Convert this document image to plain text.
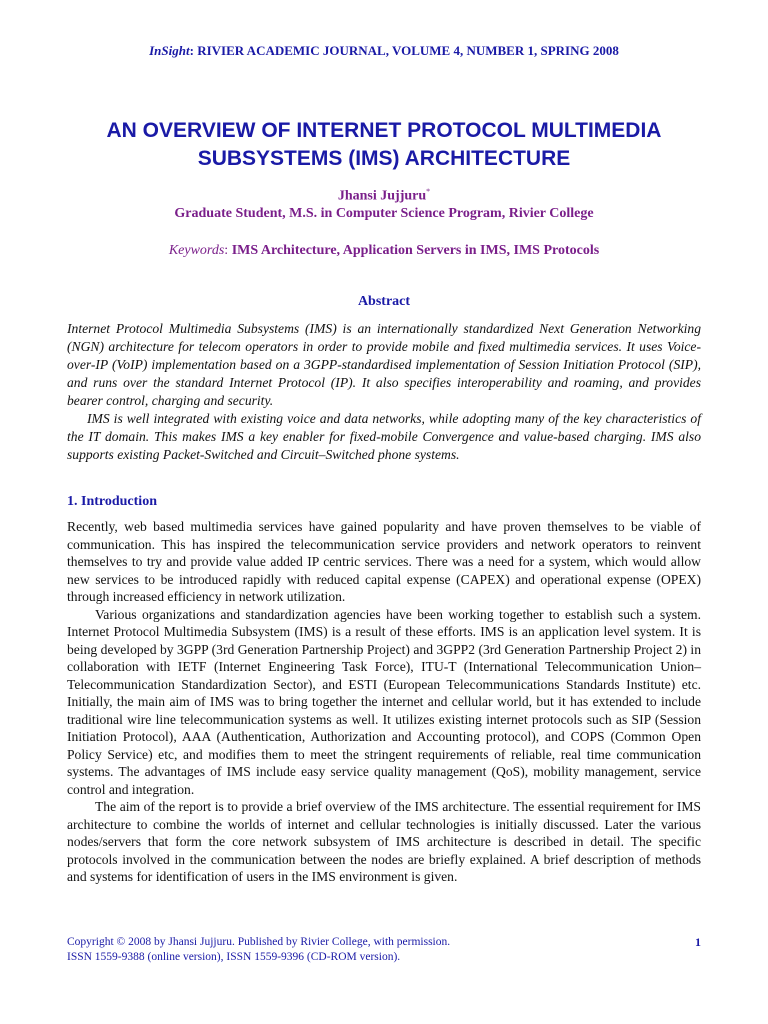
InSight: RIVIER ACADEMIC JOURNAL, VOLUME 4, NUMBER 1, SPRING 2008
AN OVERVIEW OF INTERNET PROTOCOL MULTIMEDIA
SUBSYSTEMS (IMS) ARCHITECTURE
Jhansi Jujjuru*
Graduate Student, M.S. in Computer Science Program, Rivier College
Keywords: IMS Architecture, Application Servers in IMS, IMS Protocols
Abstract

Internet Protocol Multimedia Subsystems (IMS) is an internationally standardized Next Generation Networking (NGN) architecture for telecom operators in order to provide mobile and fixed multimedia services. It uses Voice-over-IP (VoIP) implementation based on a 3GPP-standardised implementation of Session Initiation Protocol (SIP), and runs over the standard Internet Protocol (IP). It also specifies interoperability and roaming, and provides bearer control, charging and security.

IMS is well integrated with existing voice and data networks, while adopting many of the key characteristics of the IT domain. This makes IMS a key enabler for fixed-mobile Convergence and value-based charging. IMS also supports existing Packet-Switched and Circuit–Switched phone systems.

1. Introduction

Recently, web based multimedia services have gained popularity and have proven themselves to be viable of communication. This has inspired the telecommunication service providers and network operators to reinvent themselves to try and provide value added IP centric services. There was a need for a system, which would allow new services to be introduced rapidly with reduced capital expense (CAPEX) and operational expense (OPEX) through increased efficiency in network utilization.

Various organizations and standardization agencies have been working together to establish such a system. Internet Protocol Multimedia Subsystem (IMS) is a result of these efforts. IMS is an application level system. It is being developed by 3GPP (3rd Generation Partnership Project) and 3GPP2 (3rd Generation Partnership Project 2) in collaboration with IETF (Internet Engineering Task Force), ITU-T (International Telecommunication Union–Telecommunication Standardization Sector), and ESTI (European Telecommunications Standards Institute) etc. Initially, the main aim of IMS was to bring together the internet and cellular world, but it has extended to include traditional wire line telecommunication systems as well. It utilizes existing internet protocols such as SIP (Session Initiation Protocol), AAA (Authentication, Authorization and Accounting protocol), and COPS (Common Open Policy Service) etc, and modifies them to meet the stringent requirements of reliable, real time communication systems. The advantages of IMS include easy service quality management (QoS), mobility management, service control and integration.

The aim of the report is to provide a brief overview of the IMS architecture. The essential requirement for IMS architecture to combine the worlds of internet and cellular technologies is initially discussed. Later the various nodes/servers that form the core network subsystem of IMS architecture is described in detail. The specific protocols involved in the communication between the nodes are briefly explained. A brief description of methods and systems for identification of users in the IMS environment is given.

Copyright © 2008 by Jhansi Jujjuru. Published by Rivier College, with permission.
ISSN 1559-9388 (online version), ISSN 1559-9396 (CD-ROM version).
1
